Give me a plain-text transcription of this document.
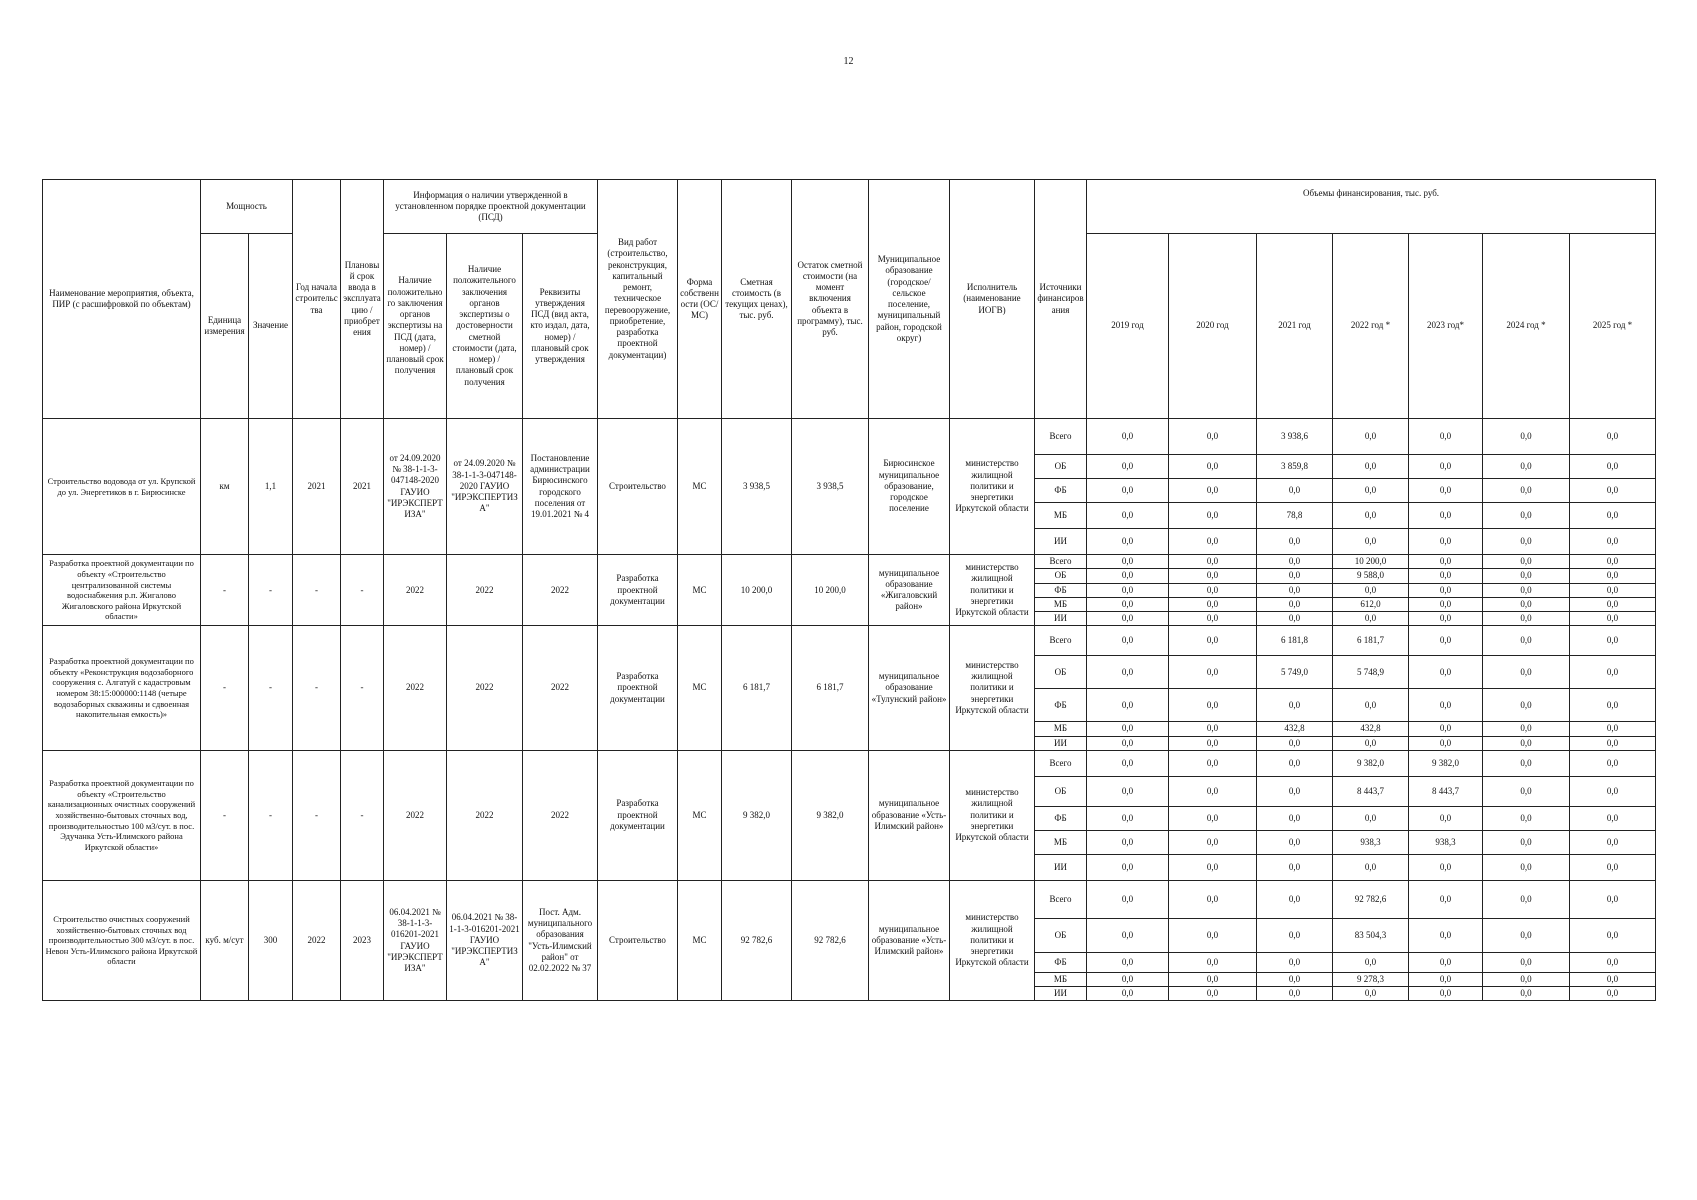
12
Наименование мероприятия, объекта, ПИР (с расшифровкой по объектам)	Мощность		Год начала строительства	Плановый срок ввода в эксплуатацию / приобретения	Информация о наличии утвержденной в установленном порядке проектной документации (ПСД)			Вид работ (строительство, реконструкция, капитальный ремонт, техническое перевооружение, приобретение, разработка проектной документации)	Форма собственности (ОС/МС)	Сметная стоимость (в текущих ценах), тыс. руб.	Остаток сметной стоимости (на момент включения объекта в программу), тыс. руб.	Муниципальное образование (городское/сельское поселение, муниципальный район, городской округ)	Исполнитель (наименование ИОГВ)	Источники финансирования	Объемы финансирования, тыс. руб.						
	Единица измерения	Значение			Наличие положительного заключения органов экспертизы на ПСД (дата, номер) / плановый срок получения	Наличие положительного заключения органов экспертизы о достоверности сметной стоимости (дата, номер) / плановый срок получения	Реквизиты утверждения ПСД (вид акта, кто издал, дата, номер) / плановый срок утверждения								2019 год	2020 год	2021 год	2022 год *	2023 год*	2024 год *	2025 год *
Строительство водовода от ул. Крупской до ул. Энергетиков в г. Бирюсинске	км	1,1	2021	2021	от 24.09.2020 № 38-1-1-3-047148-2020 ГАУИО "ИРЭКСПЕРТИЗА"	от 24.09.2020 № 38-1-1-3-047148-2020 ГАУИО "ИРЭКСПЕРТИЗА"	Постановление администрации Бирюсинского городского поселения от 19.01.2021 № 4	Строительство	МС	3 938,5	3 938,5	Бирюсинское муниципальное образование, городское поселение	министерство жилищной политики и энергетики Иркутской области	Всего	0,0	0,0	3 938,6	0,0	0,0	0,0	0,0
														ОБ	0,0	0,0	3 859,8	0,0	0,0	0,0	0,0
														ФБ	0,0	0,0	0,0	0,0	0,0	0,0	0,0
														МБ	0,0	0,0	78,8	0,0	0,0	0,0	0,0
														ИИ	0,0	0,0	0,0	0,0	0,0	0,0	0,0
Разработка проектной документации по объекту «Строительство централизованной системы водоснабжения р.п. Жигалово Жигаловского района Иркутской области»	-	-	-	-	2022	2022	2022	Разработка проектной документации	МС	10 200,0	10 200,0	муниципальное образование «Жигаловский район»	министерство жилищной политики и энергетики Иркутской области	Всего	0,0	0,0	0,0	10 200,0	0,0	0,0	0,0
														ОБ	0,0	0,0	0,0	9 588,0	0,0	0,0	0,0
														ФБ	0,0	0,0	0,0	0,0	0,0	0,0	0,0
														МБ	0,0	0,0	0,0	612,0	0,0	0,0	0,0
														ИИ	0,0	0,0	0,0	0,0	0,0	0,0	0,0
Разработка проектной документации по объекту «Реконструкция водозаборного сооружения с. Алгатуй с кадастровым номером 38:15:000000:1148 (четыре водозаборных скважины и сдвоенная накопительная емкость)»	-	-	-	-	2022	2022	2022	Разработка проектной документации	МС	6 181,7	6 181,7	муниципальное образование «Тулунский район»	министерство жилищной политики и энергетики Иркутской области	Всего	0,0	0,0	6 181,8	6 181,7	0,0	0,0	0,0
														ОБ	0,0	0,0	5 749,0	5 748,9	0,0	0,0	0,0
														ФБ	0,0	0,0	0,0	0,0	0,0	0,0	0,0
														МБ	0,0	0,0	432,8	432,8	0,0	0,0	0,0
														ИИ	0,0	0,0	0,0	0,0	0,0	0,0	0,0
Разработка проектной документации по объекту «Строительство канализационных очистных сооружений хозяйственно-бытовых сточных вод, производительностью 100 м3/сут. в пос. Эдучанка Усть-Илимского района Иркутской области»	-	-	-	-	2022	2022	2022	Разработка проектной документации	МС	9 382,0	9 382,0	муниципальное образование «Усть-Илимский район»	министерство жилищной политики и энергетики Иркутской области	Всего	0,0	0,0	0,0	9 382,0	9 382,0	0,0	0,0
														ОБ	0,0	0,0	0,0	8 443,7	8 443,7	0,0	0,0
														ФБ	0,0	0,0	0,0	0,0	0,0	0,0	0,0
														МБ	0,0	0,0	0,0	938,3	938,3	0,0	0,0
														ИИ	0,0	0,0	0,0	0,0	0,0	0,0	0,0
Строительство очистных сооружений хозяйственно-бытовых сточных вод производительностью 300 м3/сут. в пос. Невон Усть-Илимского района Иркутской области	куб. м/сут	300	2022	2023	06.04.2021 № 38-1-1-3-016201-2021 ГАУИО "ИРЭКСПЕРТИЗА"	06.04.2021 № 38-1-1-3-016201-2021 ГАУИО "ИРЭКСПЕРТИЗА"	Пост. Адм. муниципального образования "Усть-Илимский район" от 02.02.2022 № 37	Строительство	МС	92 782,6	92 782,6	муниципальное образование «Усть-Илимский район»	министерство жилищной политики и энергетики Иркутской области	Всего	0,0	0,0	0,0	92 782,6	0,0	0,0	0,0
														ОБ	0,0	0,0	0,0	83 504,3	0,0	0,0	0,0
														ФБ	0,0	0,0	0,0	0,0	0,0	0,0	0,0
														МБ	0,0	0,0	0,0	9 278,3	0,0	0,0	0,0
														ИИ	0,0	0,0	0,0	0,0	0,0	0,0	0,0
